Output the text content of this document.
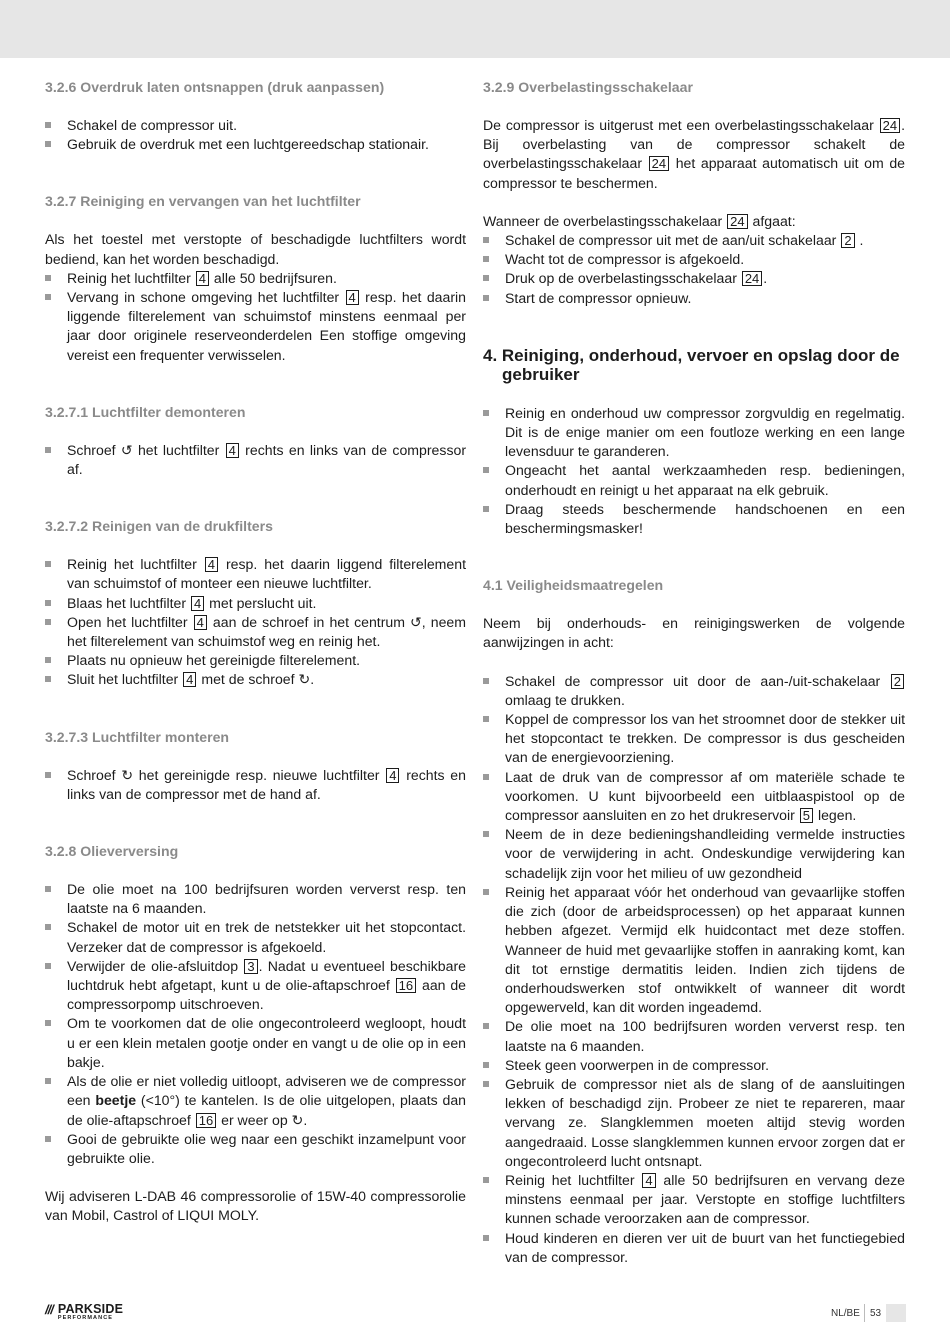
3.2.6 Overdruk laten ontsnappen (druk aanpassen)
Schakel de compressor uit.
Gebruik de overdruk met een luchtgereedschap stationair.
3.2.7 Reiniging en vervangen van het luchtfilter

Als het toestel met verstopte of beschadigde luchtfilters wordt bediend, kan het worden beschadigd.

Reinig het luchtfilter 4 alle 50 bedrijfsuren.
Vervang in schone omgeving het luchtfilter 4 resp. het daarin liggende filterelement van schuimstof minstens eenmaal per jaar door originele reserveonderdelen Een stoffige omgeving vereist een frequenter verwisselen.
3.2.7.1 Luchtfilter demonteren
Schroef ↺ het luchtfilter 4 rechts en links van de compressor af.
3.2.7.2 Reinigen van de drukfilters
Reinig het luchtfilter 4 resp. het daarin liggend filterelement van schuimstof of monteer een nieuwe luchtfilter.
Blaas het luchtfilter 4 met perslucht uit.
Open het luchtfilter 4 aan de schroef in het centrum ↺, neem het filterelement van schuimstof weg en reinig het.
Plaats nu opnieuw het gereinigde filterelement.
Sluit het luchtfilter 4 met de schroef ↻.
3.2.7.3 Luchtfilter monteren
Schroef ↻ het gereinigde resp. nieuwe luchtfilter 4 rechts en links van de compressor met de hand af.
3.2.8 Olieverversing
De olie moet na 100 bedrijfsuren worden ververst resp. ten laatste na 6 maanden.
Schakel de motor uit en trek de netstekker uit het stopcontact. Verzeker dat de compressor is afgekoeld.
Verwijder de olie-afsluitdop 3 . Nadat u eventueel beschikbare luchtdruk hebt afgetapt, kunt u de olie-aftapschroef 16 aan de compressorpomp uitschroeven.
Om te voorkomen dat de olie ongecontroleerd wegloopt, houdt u er een klein metalen gootje onder en vangt u de olie op in een bakje.
Als de olie er niet volledig uitloopt, adviseren we de compressor een beetje (<10°) te kantelen. Is de olie uitgelopen, plaats dan de olie-aftapschroef 16 er weer op ↻.
Gooi de gebruikte olie weg naar een geschikt inzamelpunt voor gebruikte olie.

Wij adviseren L-DAB 46 compressorolie of 15W-40 compressorolie van Mobil, Castrol of LIQUI MOLY.

3.2.9 Overbelastingsschakelaar

De compressor is uitgerust met een overbelastingsschakelaar 24 . Bij overbelasting van de compressor schakelt de overbelastingsschakelaar 24 het apparaat automatisch uit om de compressor te beschermen.

Wanneer de overbelastingsschakelaar 24 afgaat:

Schakel de compressor uit met de aan/uit schakelaar 2 .
Wacht tot de compressor is afgekoeld.
Druk op de overbelastingsschakelaar 24 .
Start de compressor opnieuw.
4. Reiniging, onderhoud, vervoer en opslag door de gebruiker
Reinig en onderhoud uw compressor zorgvuldig en regelmatig. Dit is de enige manier om een foutloze werking en een lange levensduur te garanderen.
Ongeacht het aantal werkzaamheden resp. bedieningen, onderhoudt en reinigt u het apparaat na elk gebruik.
Draag steeds beschermende handschoenen en een beschermingsmasker!
4.1 Veiligheidsmaatregelen

Neem bij onderhouds- en reinigingswerken de volgende aanwijzingen in acht:

Schakel de compressor uit door de aan-/uit-schakelaar 2 omlaag te drukken.
Koppel de compressor los van het stroomnet door de stekker uit het stopcontact te trekken. De compressor is dus gescheiden van de energievoorziening.
Laat de druk van de compressor af om materiële schade te voorkomen. U kunt bijvoorbeeld een uitblaaspistool op de compressor aansluiten en zo het drukreservoir 5 legen.
Neem de in deze bedieningshandleiding vermelde instructies voor de verwijdering in acht. Ondeskundige verwijdering kan schadelijk zijn voor het milieu of uw gezondheid
Reinig het apparaat vóór het onderhoud van gevaarlijke stoffen die zich (door de arbeidsprocessen) op het apparaat kunnen hebben afgezet. Vermijd elk huidcontact met deze stoffen. Wanneer de huid met gevaarlijke stoffen in aanraking komt, kan dit tot ernstige dermatitis leiden. Indien zich tijdens de onderhoudswerken stof ontwikkelt of wanneer dit wordt opgewerveld, kan dit worden ingeademd.
De olie moet na 100 bedrijfsuren worden ververst resp. ten laatste na 6 maanden.
Steek geen voorwerpen in de compressor.
Gebruik de compressor niet als de slang of de aansluitingen lekken of beschadigd zijn. Probeer ze niet te repareren, maar vervang ze. Slangklemmen moeten altijd stevig worden aangedraaid. Losse slangklemmen kunnen ervoor zorgen dat er ongecontroleerd lucht ontsnapt.
Reinig het luchtfilter 4 alle 50 bedrijfsuren en vervang deze minstens eenmaal per jaar. Verstopte en stoffige luchtfilters kunnen schade veroorzaken aan de compressor.
Houd kinderen en dieren ver uit de buurt van het functiegebied van de compressor.
/// PARKSIDE
PERFORMANCE	NL/BE 53
